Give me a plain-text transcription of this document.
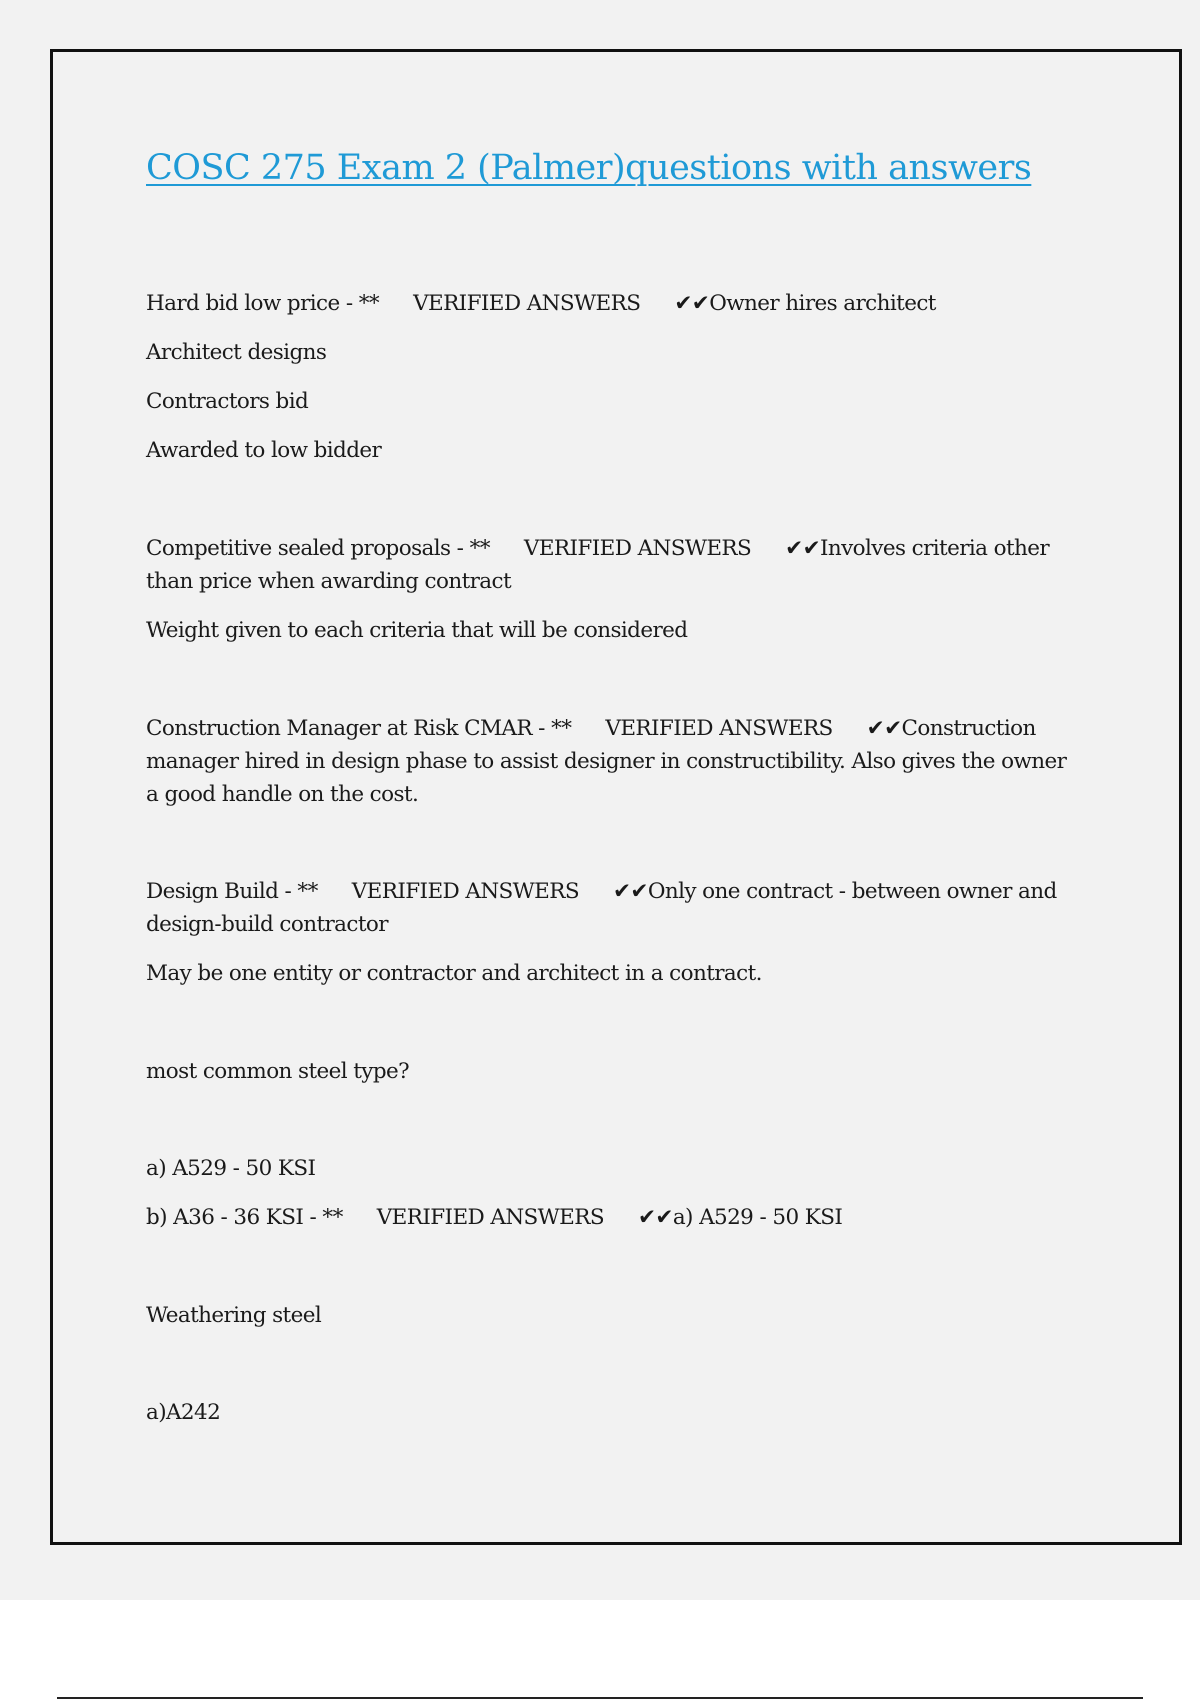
COSC 275 Exam 2 (Palmer)questions with answers

Hard bid low price - ** VERIFIED ANSWERS ✔✔Owner hires architect

Architect designs

Contractors bid

Awarded to low bidder

Competitive sealed proposals - ** VERIFIED ANSWERS ✔✔Involves criteria other than price when awarding contract

Weight given to each criteria that will be considered

Construction Manager at Risk CMAR - ** VERIFIED ANSWERS ✔✔Construction manager hired in design phase to assist designer in constructibility. Also gives the owner a good handle on the cost.

Design Build - ** VERIFIED ANSWERS ✔✔Only one contract - between owner and design-build contractor

May be one entity or contractor and architect in a contract.

most common steel type?

a) A529 - 50 KSI

b) A36 - 36 KSI - ** VERIFIED ANSWERS ✔✔a) A529 - 50 KSI

Weathering steel

a)A242
